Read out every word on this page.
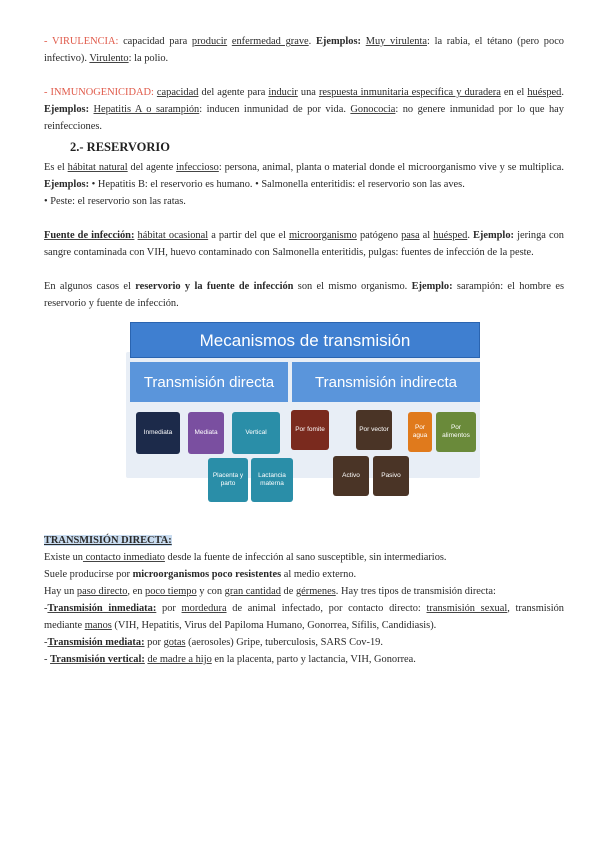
- VIRULENCIA: capacidad para producir enfermedad grave. Ejemplos: Muy virulenta: la rabia, el tétano (pero poco infectivo). Virulento: la polio.

- INMUNOGENICIDAD: capacidad del agente para inducir una respuesta inmunitaria específica y duradera en el huésped. Ejemplos: Hepatitis A o sarampión: inducen inmunidad de por vida. Gonococia: no genere inmunidad por lo que hay reinfecciones.

2.- RESERVORIO

Es el hábitat natural del agente infeccioso: persona, animal, planta o material donde el microorganismo vive y se multiplica. Ejemplos: • Hepatitis B: el reservorio es humano. • Salmonella enteritidis: el reservorio son las aves.

• Peste: el reservorio son las ratas.

Fuente de infección: hábitat ocasional a partir del que el microorganismo patógeno pasa al huésped. Ejemplo: jeringa con sangre contaminada con VIH, huevo contaminado con Salmonella enteritidis, pulgas: fuentes de infección de la peste.

En algunos casos el reservorio y la fuente de infección son el mismo organismo. Ejemplo: sarampión: el hombre es reservorio y fuente de infección.

Mecanismos de transmisión
Transmisión directa	Transmisión indirecta
Inmediata	Mediata	Vertical
Placenta y parto
Lactancia materna
Por fomite	Por vector	Por agua
Por alimentos
Activo	Pasivo

TRANSMISIÓN DIRECTA:

Existe un contacto inmediato desde la fuente de infección al sano susceptible, sin intermediarios.

Suele producirse por microorganismos poco resistentes al medio externo.

Hay un paso directo, en poco tiempo y con gran cantidad de gérmenes. Hay tres tipos de transmisión directa:

-Transmisión inmediata: por mordedura de animal infectado, por contacto directo: transmisión sexual, transmisión mediante manos (VIH, Hepatitis, Virus del Papiloma Humano, Gonorrea, Sífilis, Candidiasis).

-Transmisión mediata: por gotas (aerosoles) Gripe, tuberculosis, SARS Cov-19.

- Transmisión vertical: de madre a hijo en la placenta, parto y lactancia, VIH, Gonorrea.
